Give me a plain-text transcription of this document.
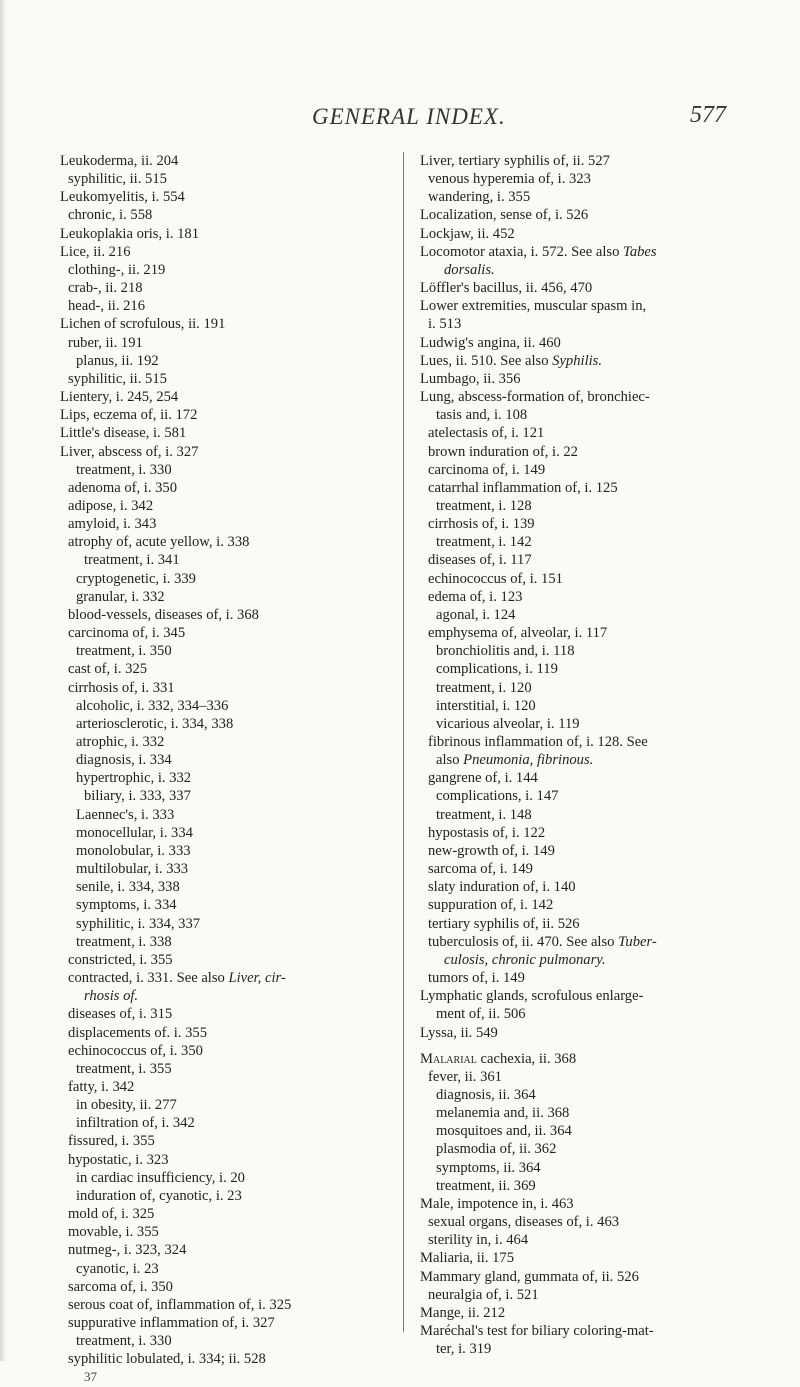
GENERAL INDEX.	577
Leukoderma, ii. 204
syphilitic, ii. 515
Leukomyelitis, i. 554
chronic, i. 558
Leukoplakia oris, i. 181
Lice, ii. 216
clothing-, ii. 219
crab-, ii. 218
head-, ii. 216
Lichen of scrofulous, ii. 191
ruber, ii. 191
planus, ii. 192
syphilitic, ii. 515
Lientery, i. 245, 254
Lips, eczema of, ii. 172
Little's disease, i. 581
Liver, abscess of, i. 327
treatment, i. 330
adenoma of, i. 350
adipose, i. 342
amyloid, i. 343
atrophy of, acute yellow, i. 338
treatment, i. 341
cryptogenetic, i. 339
granular, i. 332
blood-vessels, diseases of, i. 368
carcinoma of, i. 345
treatment, i. 350
cast of, i. 325
cirrhosis of, i. 331
alcoholic, i. 332, 334–336
arteriosclerotic, i. 334, 338
atrophic, i. 332
diagnosis, i. 334
hypertrophic, i. 332
biliary, i. 333, 337
Laennec's, i. 333
monocellular, i. 334
monolobular, i. 333
multilobular, i. 333
senile, i. 334, 338
symptoms, i. 334
syphilitic, i. 334, 337
treatment, i. 338
constricted, i. 355
contracted, i. 331. See also Liver, cir-
rhosis of.
diseases of, i. 315
displacements of. i. 355
echinococcus of, i. 350
treatment, i. 355
fatty, i. 342
in obesity, ii. 277
infiltration of, i. 342
fissured, i. 355
hypostatic, i. 323
in cardiac insufficiency, i. 20
induration of, cyanotic, i. 23
mold of, i. 325
movable, i. 355
nutmeg-, i. 323, 324
cyanotic, i. 23
sarcoma of, i. 350
serous coat of, inflammation of, i. 325
suppurative inflammation of, i. 327
treatment, i. 330
syphilitic lobulated, i. 334; ii. 528
37
Liver, tertiary syphilis of, ii. 527
venous hyperemia of, i. 323
wandering, i. 355
Localization, sense of, i. 526
Lockjaw, ii. 452
Locomotor ataxia, i. 572. See also Tabes
dorsalis.
Löffler's bacillus, ii. 456, 470
Lower extremities, muscular spasm in,
i. 513
Ludwig's angina, ii. 460
Lues, ii. 510. See also Syphilis.
Lumbago, ii. 356
Lung, abscess-formation of, bronchiec-
tasis and, i. 108
atelectasis of, i. 121
brown induration of, i. 22
carcinoma of, i. 149
catarrhal inflammation of, i. 125
treatment, i. 128
cirrhosis of, i. 139
treatment, i. 142
diseases of, i. 117
echinococcus of, i. 151
edema of, i. 123
agonal, i. 124
emphysema of, alveolar, i. 117
bronchiolitis and, i. 118
complications, i. 119
treatment, i. 120
interstitial, i. 120
vicarious alveolar, i. 119
fibrinous inflammation of, i. 128. See
also Pneumonia, fibrinous.
gangrene of, i. 144
complications, i. 147
treatment, i. 148
hypostasis of, i. 122
new-growth of, i. 149
sarcoma of, i. 149
slaty induration of, i. 140
suppuration of, i. 142
tertiary syphilis of, ii. 526
tuberculosis of, ii. 470. See also Tuber-
culosis, chronic pulmonary.
tumors of, i. 149
Lymphatic glands, scrofulous enlarge-
ment of, ii. 506
Lyssa, ii. 549
Malarial cachexia, ii. 368
fever, ii. 361
diagnosis, ii. 364
melanemia and, ii. 368
mosquitoes and, ii. 364
plasmodia of, ii. 362
symptoms, ii. 364
treatment, ii. 369
Male, impotence in, i. 463
sexual organs, diseases of, i. 463
sterility in, i. 464
Maliaria, ii. 175
Mammary gland, gummata of, ii. 526
neuralgia of, i. 521
Mange, ii. 212
Maréchal's test for biliary coloring-mat-
ter, i. 319
